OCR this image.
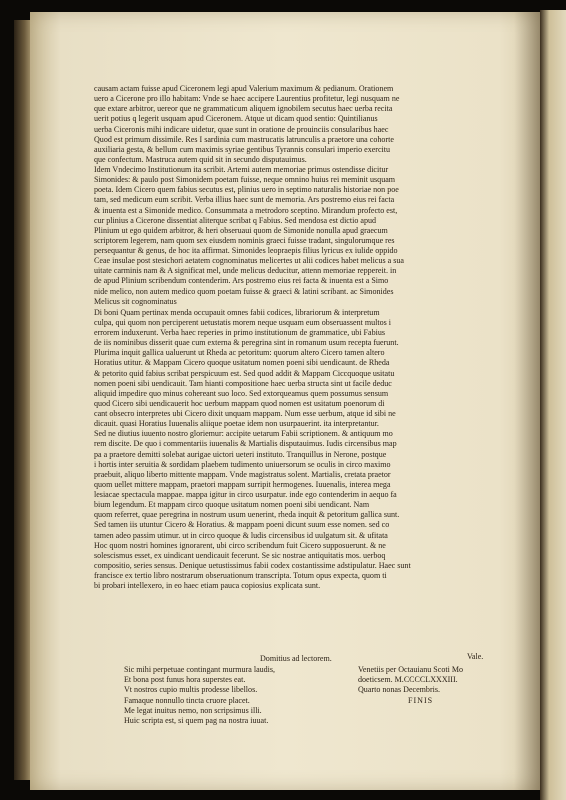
causam actam fuisse apud Ciceronem legi apud Valerium maximum & pedianum. Orationem
uero a Cicerone pro illo habitam: Vnde se haec accipere Laurentius profitetur, legi nusquam ne
que extare arbitror, uereor que ne grammaticum aliquem ignobilem secutus haec uerba recita
uerit potius q legerit usquam apud Ciceronem. Atque ut dicam quod sentio: Quintilianus
uerba Ciceronis mihi indicare uidetur, quae sunt in oratione de prouinciis consularibus haec
Quod est primum dissimile. Res I sardinia cum mastrucatis latrunculis a praetore una cohorte
auxiliaria gesta, & bellum cum maximis syriae gentibus Tyrannis consulari imperio exercitu
que confectum. Mastruca autem quid sit in secundo disputauimus.
Idem Vndecimo Institutionum ita scribit. Artemi autem memoriae primus ostendisse dicitur
Simonides: & paulo post Simonidem poetam fuisse, neque omnino huius rei meminit usquam
poeta. Idem Cicero quem fabius secutus est, plinius uero in septimo naturalis historiae non poe
tam, sed medicum eum scribit. Verba illius haec sunt de memoria. Ars postremo eius rei facta
& inuenta est a Simonide medico. Consummata a metrodoro sceptino. Mirandum profecto est,
cur plinius a Cicerone dissentiat aliterque scribat q Fabius. Sed mendosa est dictio apud
Plinium ut ego quidem arbitror, & heri obseruaui quom de Simonide nonulla apud graecum
scriptorem legerem, nam quom sex eiusdem nominis graeci fuisse tradant, singulorumque res
persequantur & genus, de hoc ita affirmat. Simonides leopraepis filius lyricus ex iulide oppido
Ceae insulae post stesichori aetatem cognominatus melicertes ut alii codices habet melicus a sua
uitate carminis nam & A significat mel, unde melicus deducitur, attenn memoriae reppereit. in
de apud Plinium scribendum contenderim. Ars postremo eius rei facta & inuenta est a Simo
nide melico, non autem medico quom poetam fuisse & graeci & latini scribant. ac Simonides
Melicus sit cognominatus
Di boni Quam pertinax menda occupauit omnes fabii codices, librariorum & interpretum
culpa, qui quom non perciperent uetustatis morem neque usquam eum obseruassent multos i
errorem induxerunt. Verba haec reperies in primo institutionum de grammatice, ubi Fabius
de iis nominibus disserit quae cum externa & peregrina sint in romanum usum recepta fuerunt.
Plurima inquit gallica ualuerunt ut Rheda ac petoritum: quorum altero Cicero tamen altero
Horatius utitur. & Mappam Cicero quoque usitatum nomen poeni sibi uendicaunt. de Rheda
& petorito quid fabius scribat perspicuum est. Sed quod addit & Mappam Ciccquoque usitatu
nomen poeni sibi uendicauit. Tam hianti compositione haec uerba structa sint ut facile deduc
aliquid impedire quo minus cohereant suo loco. Sed extorqueamus quem possumus sensum
quod Cicero sibi uendicauerit hoc uerbum mappam quod nomen est usitatum poenorum di
cant obsecro interpretes ubi Cicero dixit unquam mappam. Num esse uerbum, atque id sibi ne
dicauit. quasi Horatius Iuuenalis aliique poetae idem non usurpauerint. ita interpretantur.
Sed ne diutius iuuento nostro gloriemur: accipite uetarum Fabii scriptionem. & antiquum mo
rem discite. De quo i commentariis iuuenalis & Martialis disputauimus. Iudis circensibus map
pa a praetore demitti solebat aurigae uictori ueteri instituto. Tranquillus in Nerone, postque
i hortis inter seruitia & sordidam plaebem tudimento uniuersorum se oculis in circo maximo
praebuit, aliquo liberto mittente mappam. Vnde magistratus solent. Martialis, cretata praetor
quom uellet mittere mappam, praetori mappam surripit hermogenes. Iuuenalis, interea mega
lesiacae spectacula mappae. mappa igitur in circo usurpatur. inde ego contenderim in aequo fa
bium legendum. Et mappam circo quoque usitatum nomen poeni sibi uendicant. Nam
quom referret, quae peregrina in nostrum usum uenerint, rheda inquit & petoritum gallica sunt.
Sed tamen iis utuntur Cicero & Horatius. & mappam poeni dicunt suum esse nomen. sed co
tamen adeo passim utimur. ut in circo quoque & ludis circensibus id uulgatum sit. & ufitata
Hoc quom nostri homines ignorarent, ubi circo scribendum fuit Cicero supposuerunt. & ne
solescismus esset, ex uindicant uendicauit fecerunt. Se sic nostrae antiquitatis mos. uerboq
compositio, series sensus. Denique uetustissimus fabii codex costantissime adstipulatur. Haec sunt
francisce ex tertio libro nostrarum obseruationum transcripta. Totum opus expecta, quom ti
bi probari intellexero, in eo haec etiam pauca copiosius explicata sunt.
Vale.
Sic mihi perpetuae contingant murmura laudis,
Et bona post funus hora superstes eat.
Vt nostros cupio multis prodesse libellos.
Famaque nonnullo tincta cruore placet.
Me legat inuitus nemo, non scripsimus illi.
Huic scripta est, si quem pag na nostra iuuat.
Venetiis per Octauianu Scoti Mo
doeticsem. M.CCCCLXXXIII.
Quarto nonas Decembris.
FINIS
Domitius ad lectorem.
